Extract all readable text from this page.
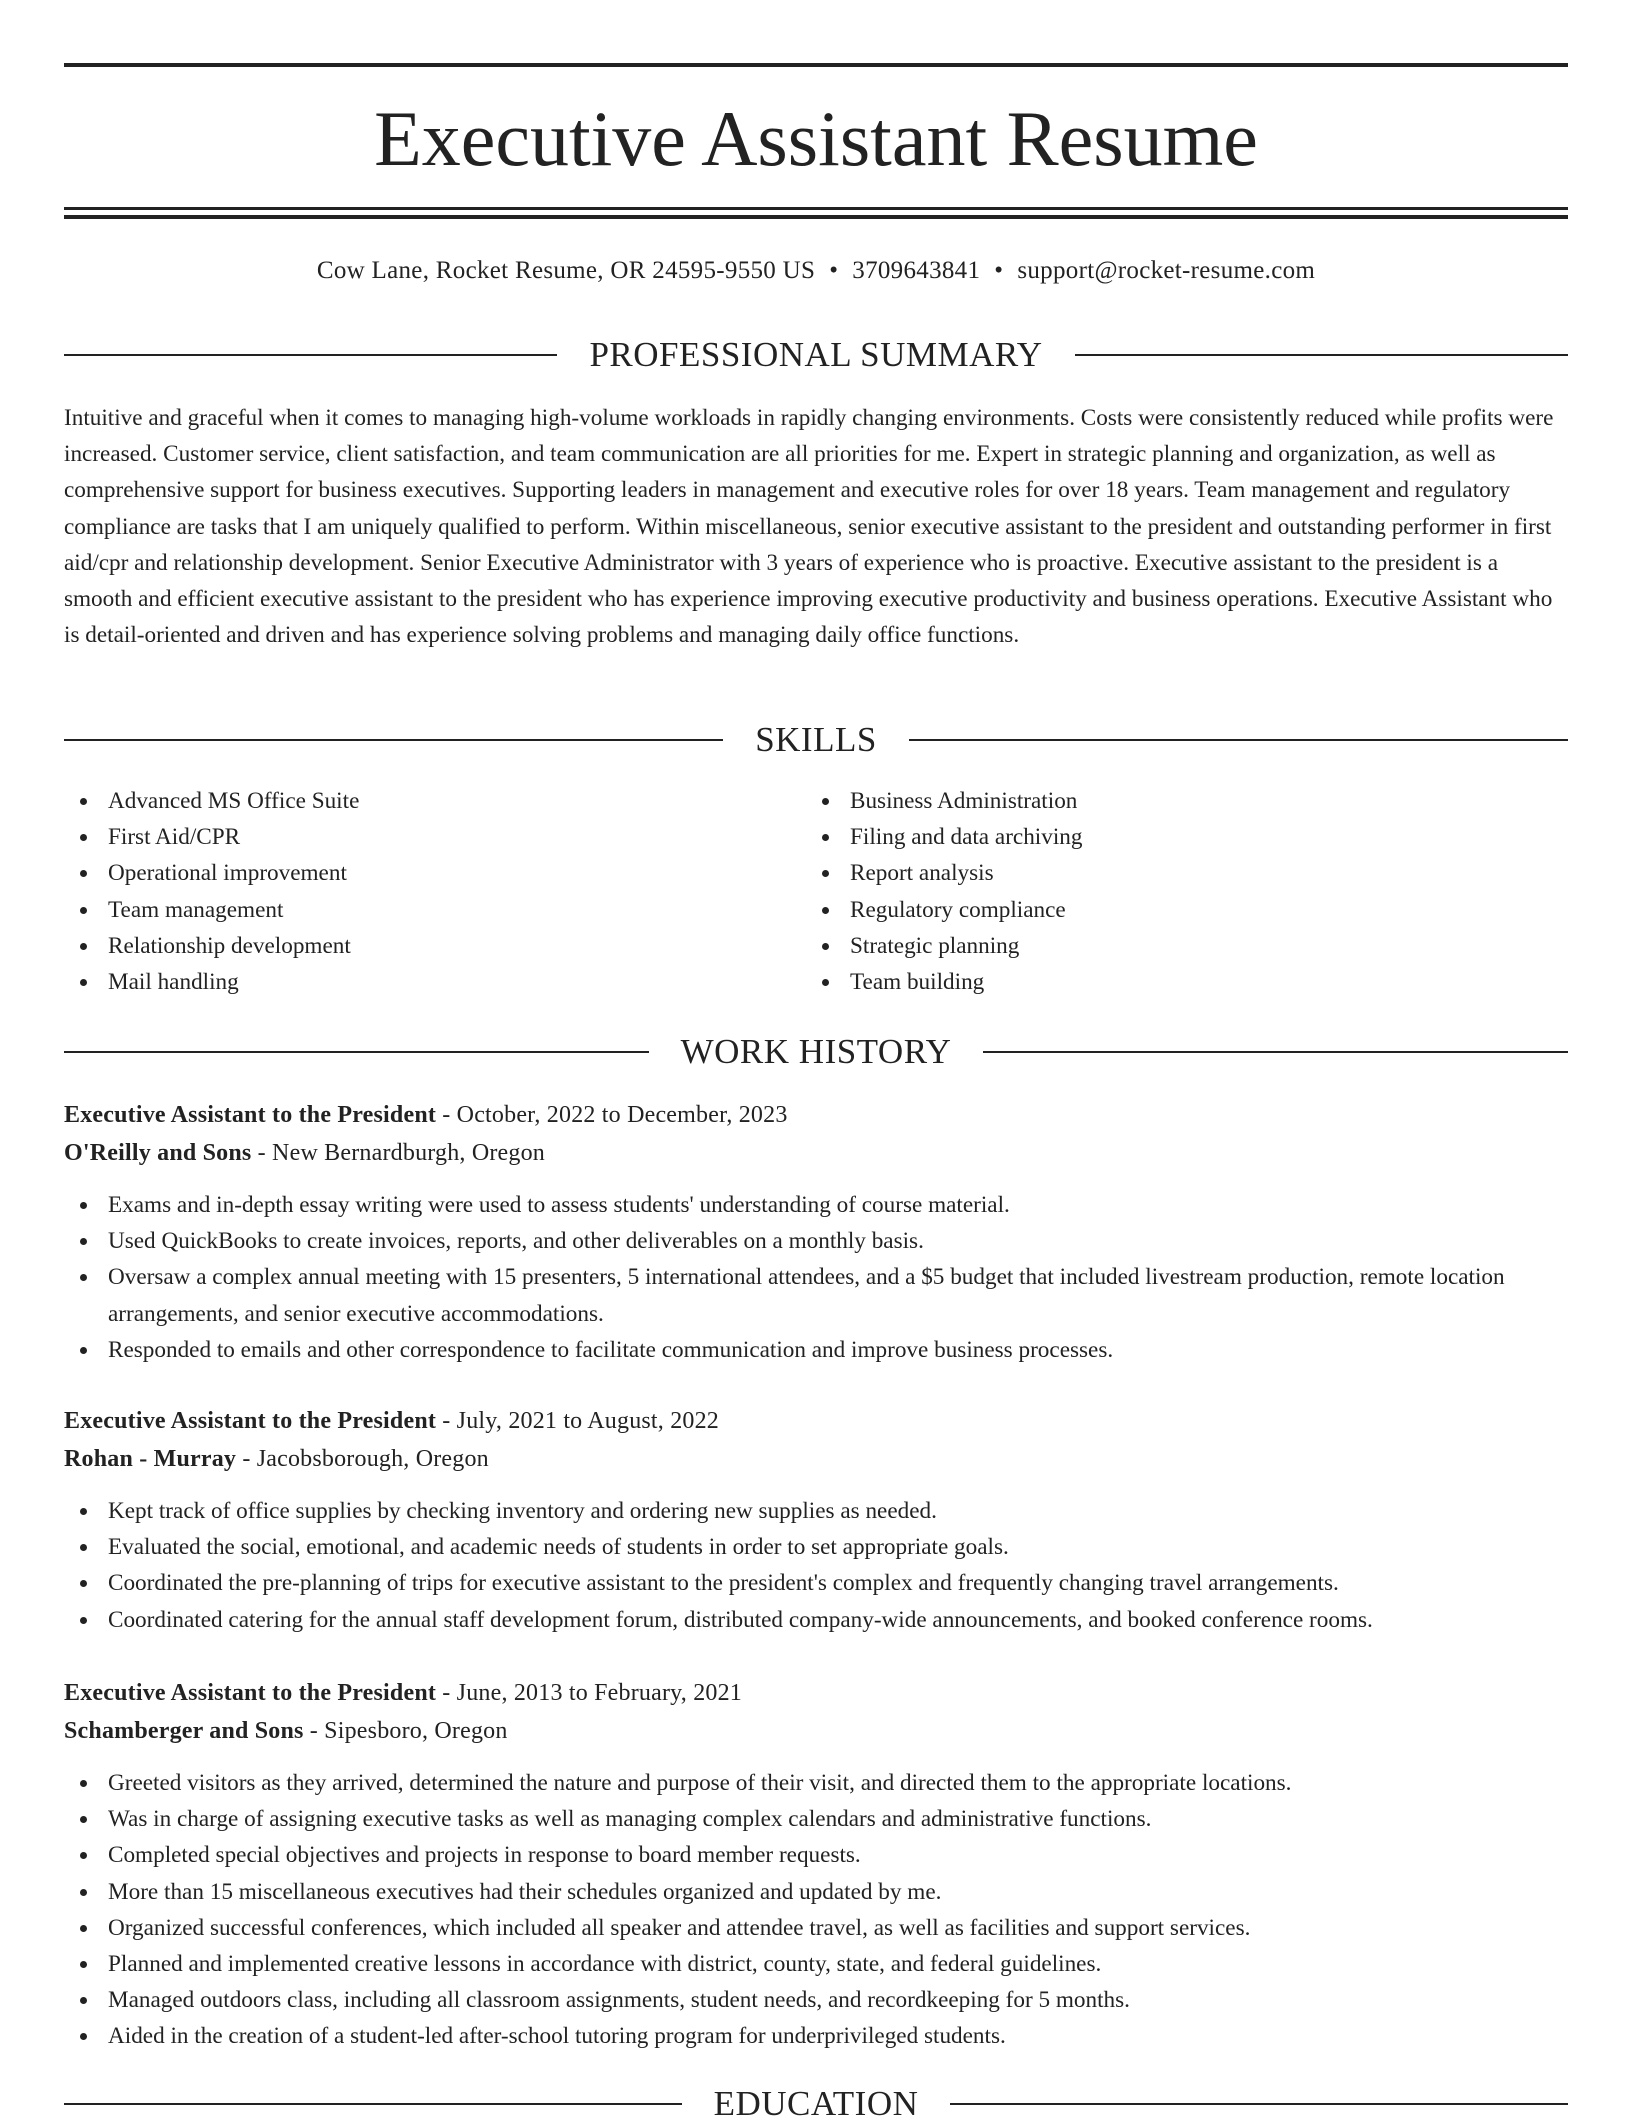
Executive Assistant Resume
Cow Lane, Rocket Resume, OR 24595-9550 US • 3709643841 • support@rocket-resume.com
PROFESSIONAL SUMMARY

Intuitive and graceful when it comes to managing high-volume workloads in rapidly changing environments. Costs were consistently reduced while profits were increased. Customer service, client satisfaction, and team communication are all priorities for me. Expert in strategic planning and organization, as well as comprehensive support for business executives. Supporting leaders in management and executive roles for over 18 years. Team management and regulatory compliance are tasks that I am uniquely qualified to perform. Within miscellaneous, senior executive assistant to the president and outstanding performer in first aid/cpr and relationship development. Senior Executive Administrator with 3 years of experience who is proactive. Executive assistant to the president is a smooth and efficient executive assistant to the president who has experience improving executive productivity and business operations. Executive Assistant who is detail-oriented and driven and has experience solving problems and managing daily office functions.

SKILLS
Advanced MS Office Suite
First Aid/CPR
Operational improvement
Team management
Relationship development
Mail handling
Business Administration
Filing and data archiving
Report analysis
Regulatory compliance
Strategic planning
Team building
WORK HISTORY
Executive Assistant to the President - October, 2022 to December, 2023
O'Reilly and Sons - New Bernardburgh, Oregon
Exams and in-depth essay writing were used to assess students' understanding of course material.
Used QuickBooks to create invoices, reports, and other deliverables on a monthly basis.
Oversaw a complex annual meeting with 15 presenters, 5 international attendees, and a $5 budget that included livestream production, remote location arrangements, and senior executive accommodations.
Responded to emails and other correspondence to facilitate communication and improve business processes.
Executive Assistant to the President - July, 2021 to August, 2022
Rohan - Murray - Jacobsborough, Oregon
Kept track of office supplies by checking inventory and ordering new supplies as needed.
Evaluated the social, emotional, and academic needs of students in order to set appropriate goals.
Coordinated the pre-planning of trips for executive assistant to the president's complex and frequently changing travel arrangements.
Coordinated catering for the annual staff development forum, distributed company-wide announcements, and booked conference rooms.
Executive Assistant to the President - June, 2013 to February, 2021
Schamberger and Sons - Sipesboro, Oregon
Greeted visitors as they arrived, determined the nature and purpose of their visit, and directed them to the appropriate locations.
Was in charge of assigning executive tasks as well as managing complex calendars and administrative functions.
Completed special objectives and projects in response to board member requests.
More than 15 miscellaneous executives had their schedules organized and updated by me.
Organized successful conferences, which included all speaker and attendee travel, as well as facilities and support services.
Planned and implemented creative lessons in accordance with district, county, state, and federal guidelines.
Managed outdoors class, including all classroom assignments, student needs, and recordkeeping for 5 months.
Aided in the creation of a student-led after-school tutoring program for underprivileged students.
EDUCATION
